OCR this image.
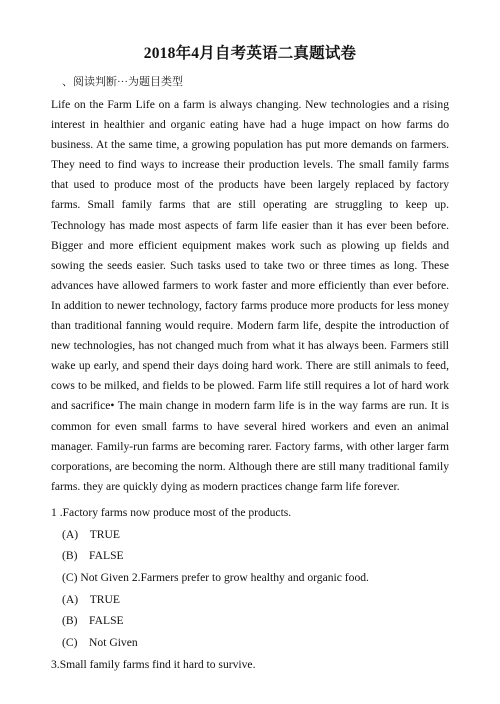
2018年4月自考英语二真题试卷
、阅读判断···为题目类型

Life on the Farm Life on a farm is always changing. New technologies and a rising interest in healthier and organic eating have had a huge impact on how farms do business. At the same time, a growing population has put more demands on farmers. They need to find ways to increase their production levels. The small family farms that used to produce most of the products have been largely replaced by factory farms. Small family farms that are still operating are struggling to keep up. Technology has made most aspects of farm life easier than it has ever been before. Bigger and more efficient equipment makes work such as plowing up fields and sowing the seeds easier. Such tasks used to take two or three times as long. These advances have allowed farmers to work faster and more efficiently than ever before. In addition to newer technology, factory farms produce more products for less money than traditional fanning would require. Modern farm life, despite the introduction of new technologies, has not changed much from what it has always been. Farmers still wake up early, and spend their days doing hard work. There are still animals to feed, cows to be milked, and fields to be plowed. Farm life still requires a lot of hard work and sacrifice• The main change in modern farm life is in the way farms are run. It is common for even small farms to have several hired workers and even an animal manager. Family-run farms are becoming rarer. Factory farms, with other larger farm corporations, are becoming the norm. Although there are still many traditional family farms. they are quickly dying as modern practices change farm life forever.

1 .Factory farms now produce most of the products.
(A)　TRUE
(B)　FALSE
(C) Not Given 2.Farmers prefer to grow healthy and organic food.
(A)　TRUE
(B)　FALSE
(C)　Not Given
3.Small family farms find it hard to survive.
